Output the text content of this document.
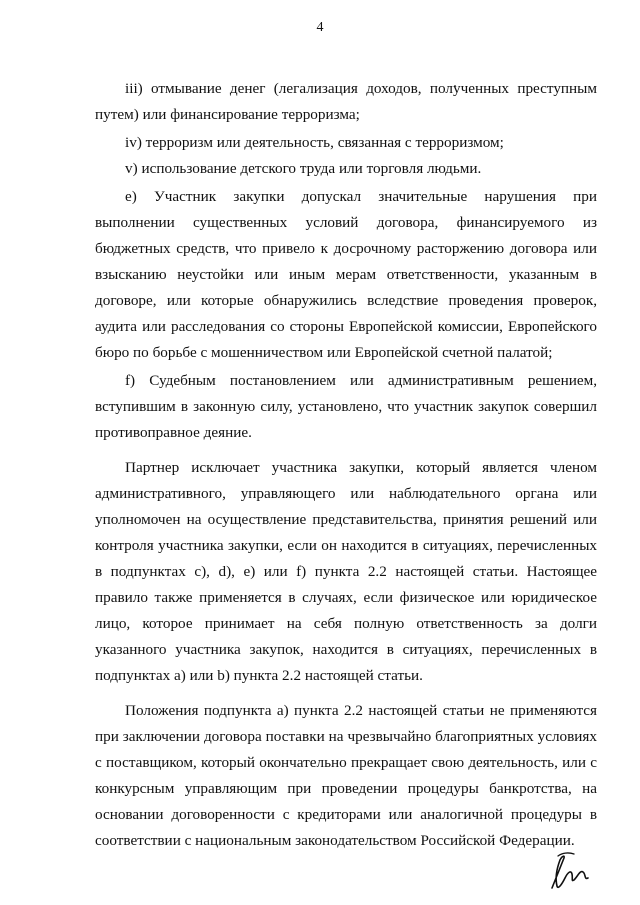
4

iii) отмывание денег (легализация доходов, полученных преступным путем) или финансирование терроризма;

iv) терроризм или деятельность, связанная с терроризмом;

v) использование детского труда или торговля людьми.

e) Участник закупки допускал значительные нарушения при выполнении существенных условий договора, финансируемого из бюджетных средств, что привело к досрочному расторжению договора или взысканию неустойки или иным мерам ответственности, указанным в договоре, или которые обнаружились вследствие проведения проверок, аудита или расследования со стороны Европейской комиссии, Европейского бюро по борьбе с мошенничеством или Европейской счетной палатой;

f) Судебным постановлением или административным решением, вступившим в законную силу, установлено, что участник закупок совершил противоправное деяние.

Партнер исключает участника закупки, который является членом административного, управляющего или наблюдательного органа или уполномочен на осуществление представительства, принятия решений или контроля участника закупки, если он находится в ситуациях, перечисленных в подпунктах с), d), е) или f) пункта 2.2 настоящей статьи. Настоящее правило также применяется в случаях, если физическое или юридическое лицо, которое принимает на себя полную ответственность за долги указанного участника закупок, находится в ситуациях, перечисленных в подпунктах а) или b) пункта 2.2 настоящей статьи.

Положения подпункта а) пункта 2.2 настоящей статьи не применяются при заключении договора поставки на чрезвычайно благоприятных условиях с поставщиком, который окончательно прекращает свою деятельность, или с конкурсным управляющим при проведении процедуры банкротства, на основании договоренности с кредиторами или аналогичной процедуры в соответствии с национальным законодательством Российской Федерации.
